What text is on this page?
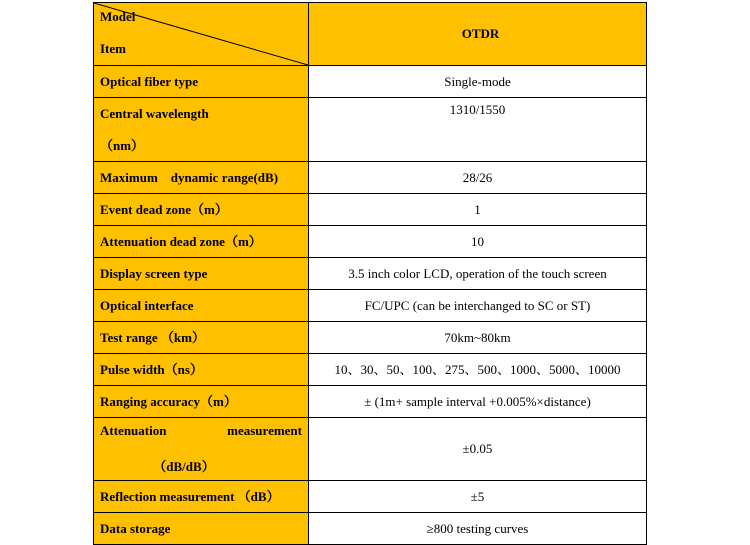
Model
Item	OTDR
Optical fiber type	Single-mode

Central wavelength
（nm）	1310/1550
Maximum　dynamic range(dB)	28/26
Event dead zone（m）	1
Attenuation dead zone（m）	10
Display screen type	3.5 inch color LCD, operation of the touch screen
Optical interface	FC/UPC (can be interchanged to SC or ST)
Test range （km）	70km~80km
Pulse width（ns）	10、30、50、100、275、500、1000、5000、10000
Ranging accuracy（m）	± (1m+ sample interval +0.005%×distance)

Attenuation measurement
（dB/dB）	±0.05
Reflection measurement （dB）	±5
Data storage	≥800 testing curves
